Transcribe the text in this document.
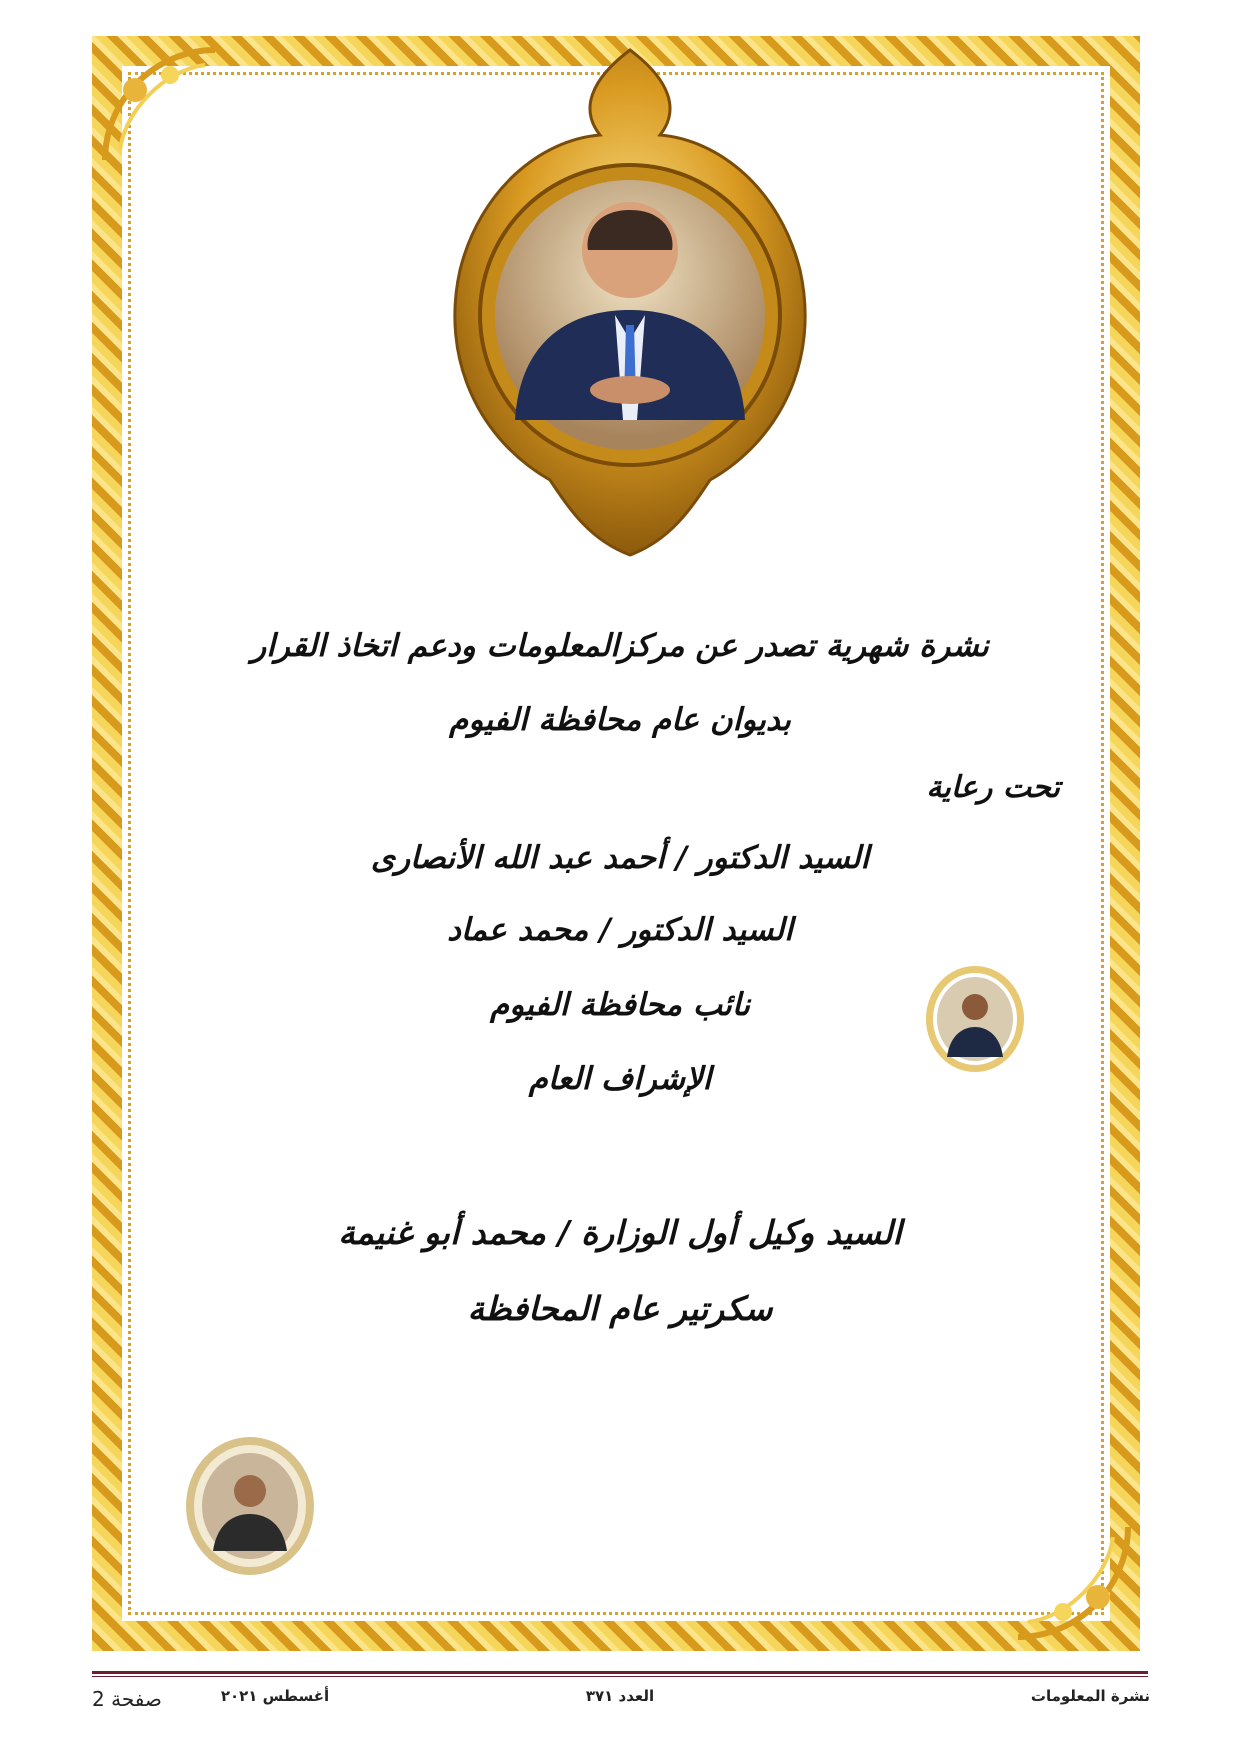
نشرة شهرية تصدر عن مركزالمعلومات ودعم اتخاذ القرار
بديوان عام محافظة الفيوم
تحت رعاية
السيد الدكتور / أحمد عبد الله الأنصارى
السيد الدكتور / محمد عماد
نائب محافظة الفيوم
الإشراف العام
السيد وكيل أول الوزارة / محمد أبو غنيمة
سكرتير عام المحافظة
نشرة المعلومات
العدد ٣٧١
أغسطس ٢٠٢١
صفحة 2
